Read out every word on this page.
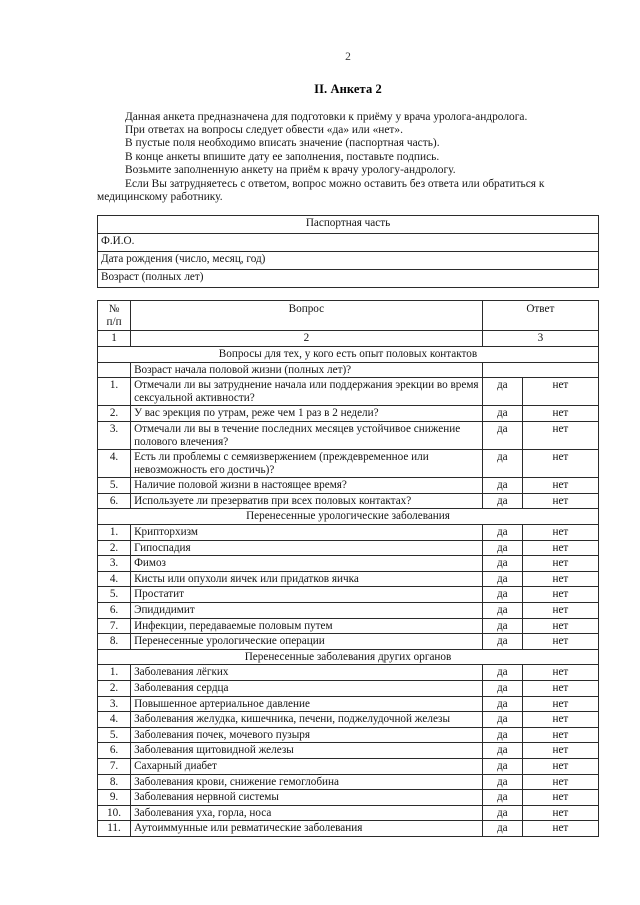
2
II. Анкета 2

Данная анкета предназначена для подготовки к приёму у врача уролога-андролога.

При ответах на вопросы следует обвести «да» или «нет».

В пустые поля необходимо вписать значение (паспортная часть).

В конце анкеты впишите дату ее заполнения, поставьте подпись.

Возьмите заполненную анкету на приём к врачу урологу-андрологу.

Если Вы затрудняетесь с ответом, вопрос можно оставить без ответа или обратиться к медицинскому работнику.

Паспортная часть
Ф.И.О.
Дата рождения (число, месяц, год)
Возраст (полных лет)
№
п/п	Вопрос	Ответ	
1	2	3	
Вопросы для тех, у кого есть опыт половых контактов			
	Возраст начала половой жизни (полных лет)?		
1.	Отмечали ли вы затруднение начала или поддержания эрекции во время сексуальной активности?	да	нет
2.	У вас эрекция по утрам, реже чем 1 раз в 2 недели?	да	нет
3.	Отмечали ли вы в течение последних месяцев устойчивое снижение полового влечения?	да	нет
4.	Есть ли проблемы с семяизвержением (преждевременное или невозможность его достичь)?	да	нет
5.	Наличие половой жизни в настоящее время?	да	нет
6.	Используете ли презерватив при всех половых контактах?	да	нет
Перенесенные урологические заболевания			
1.	Крипторхизм	да	нет
2.	Гипоспадия	да	нет
3.	Фимоз	да	нет
4.	Кисты или опухоли яичек или придатков яичка	да	нет
5.	Простатит	да	нет
6.	Эпидидимит	да	нет
7.	Инфекции, передаваемые половым путем	да	нет
8.	Перенесенные урологические операции	да	нет
Перенесенные заболевания других органов			
1.	Заболевания лёгких	да	нет
2.	Заболевания сердца	да	нет
3.	Повышенное артериальное давление	да	нет
4.	Заболевания желудка, кишечника, печени, поджелудочной железы	да	нет
5.	Заболевания почек, мочевого пузыря	да	нет
6.	Заболевания щитовидной железы	да	нет
7.	Сахарный диабет	да	нет
8.	Заболевания крови, снижение гемоглобина	да	нет
9.	Заболевания нервной системы	да	нет
10.	Заболевания уха, горла, носа	да	нет
11.	Аутоиммунные или ревматические заболевания	да	нет
